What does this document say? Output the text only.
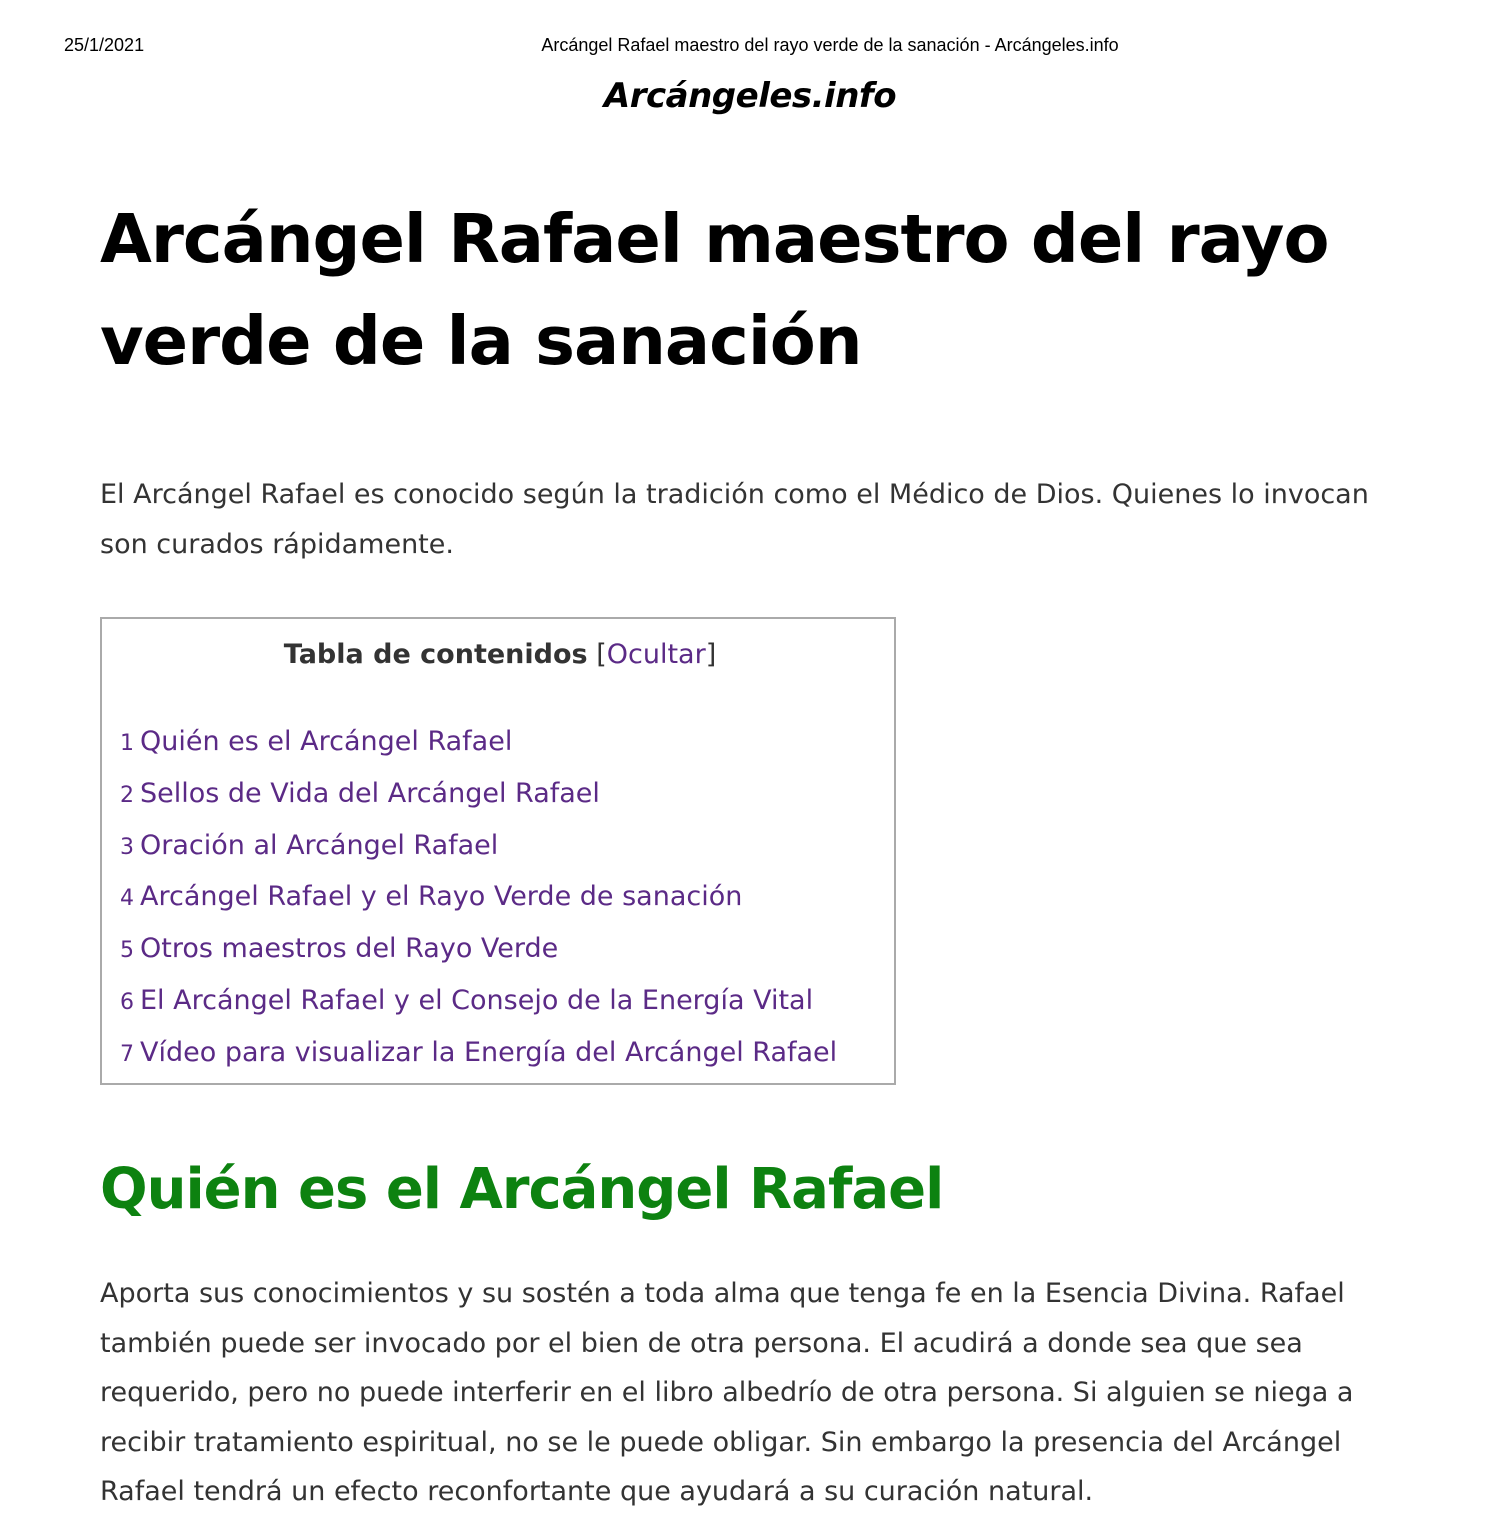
25/1/2021	Arcángel Rafael maestro del rayo verde de la sanación - Arcángeles.info
Arcángeles.info
Arcángel Rafael maestro del rayo verde de la sanación

El Arcángel Rafael es conocido según la tradición como el Médico de Dios. Quienes lo invocan son curados rápidamente.

Tabla de contenidos [Ocultar]
1 Quién es el Arcángel Rafael
2 Sellos de Vida del Arcángel Rafael
3 Oración al Arcángel Rafael
4 Arcángel Rafael y el Rayo Verde de sanación
5 Otros maestros del Rayo Verde
6 El Arcángel Rafael y el Consejo de la Energía Vital
7 Vídeo para visualizar la Energía del Arcángel Rafael
Quién es el Arcángel Rafael

Aporta sus conocimientos y su sostén a toda alma que tenga fe en la Esencia Divina. Rafael también puede ser invocado por el bien de otra persona. El acudirá a donde sea que sea requerido, pero no puede interferir en el libro albedrío de otra persona. Si alguien se niega a recibir tratamiento espiritual, no se le puede obligar. Sin embargo la presencia del Arcángel Rafael tendrá un efecto reconfortante que ayudará a su curación natural.
